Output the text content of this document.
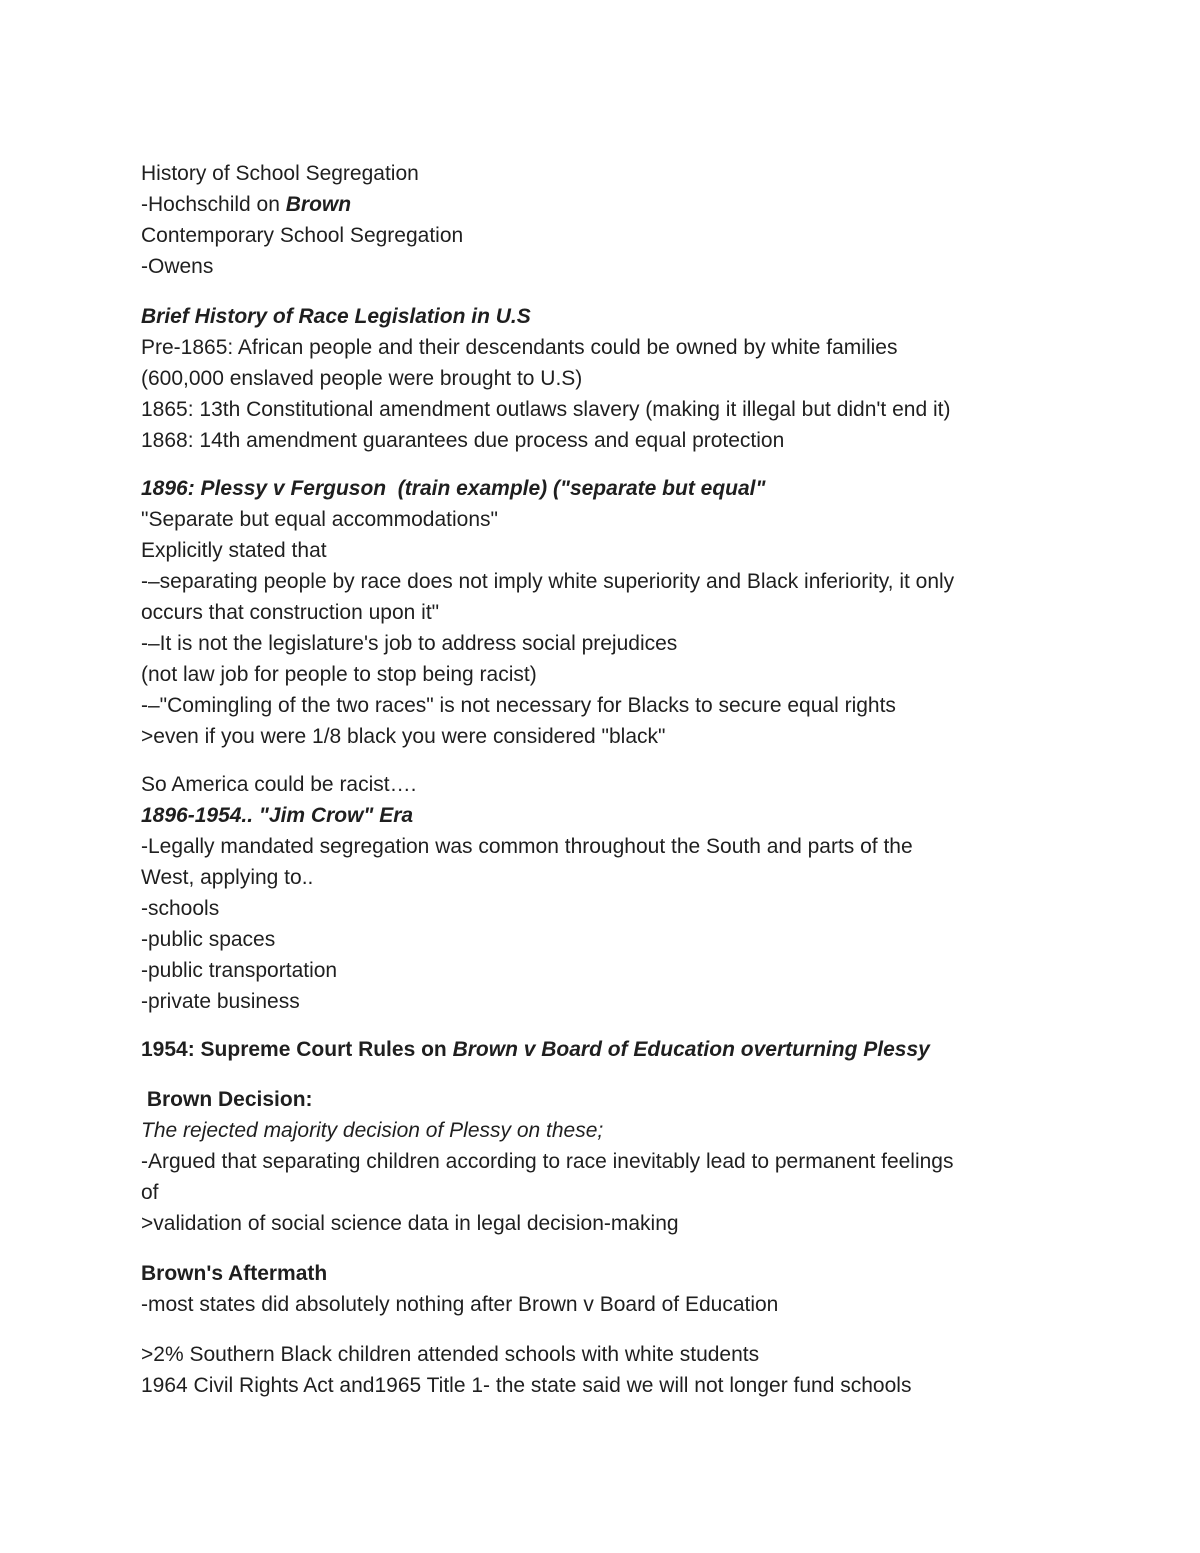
History of School Segregation

-Hochschild on Brown

Contemporary School Segregation

-Owens

Brief History of Race Legislation in U.S

Pre-1865: African people and their descendants could be owned by white families

(600,000 enslaved people were brought to U.S)

1865: 13th Constitutional amendment outlaws slavery (making it illegal but didn't end it)

1868: 14th amendment guarantees due process and equal protection

1896: Plessy v Ferguson  (train example) ("separate but equal"

"Separate but equal accommodations"

Explicitly stated that

-–separating people by race does not imply white superiority and Black inferiority, it only

occurs that construction upon it"

-–It is not the legislature's job to address social prejudices

(not law job for people to stop being racist)

-–"Comingling of the two races" is not necessary for Blacks to secure equal rights

>even if you were 1/8 black you were considered "black"

So America could be racist….

1896-1954.. "Jim Crow" Era

-Legally mandated segregation was common throughout the South and parts of the

West, applying to..

-schools

-public spaces

-public transportation

-private business

1954: Supreme Court Rules on Brown v Board of Education overturning Plessy

Brown Decision:

The rejected majority decision of Plessy on these;

-Argued that separating children according to race inevitably lead to permanent feelings

of

>validation of social science data in legal decision-making

Brown's Aftermath

-most states did absolutely nothing after Brown v Board of Education

>2% Southern Black children attended schools with white students

1964 Civil Rights Act and1965 Title 1- the state said we will not longer fund schools
